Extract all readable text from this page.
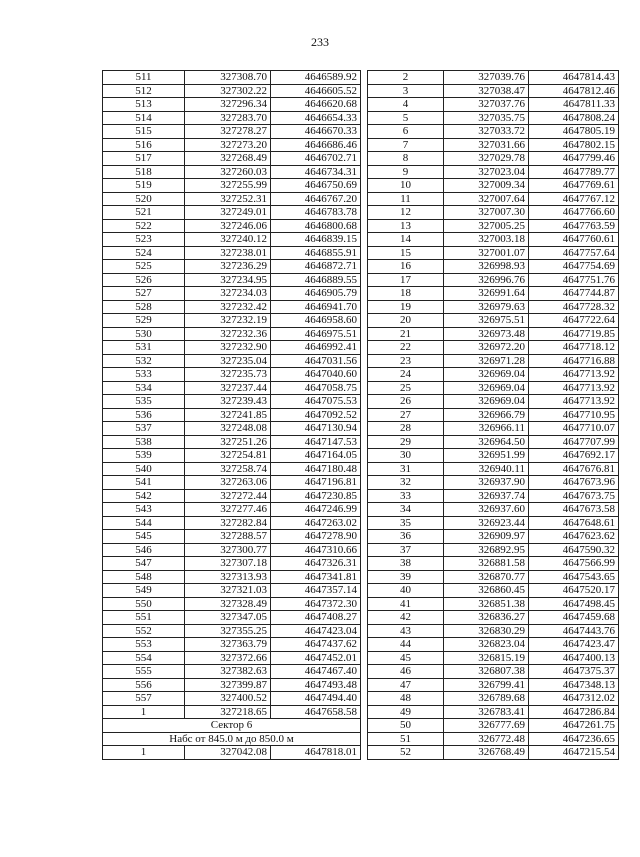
233
511	327308.70	4646589.92
512	327302.22	4646605.52
513	327296.34	4646620.68
514	327283.70	4646654.33
515	327278.27	4646670.33
516	327273.20	4646686.46
517	327268.49	4646702.71
518	327260.03	4646734.31
519	327255.99	4646750.69
520	327252.31	4646767.20
521	327249.01	4646783.78
522	327246.06	4646800.68
523	327240.12	4646839.15
524	327238.01	4646855.91
525	327236.29	4646872.71
526	327234.95	4646889.55
527	327234.03	4646905.79
528	327232.42	4646941.70
529	327232.19	4646958.60
530	327232.36	4646975.51
531	327232.90	4646992.41
532	327235.04	4647031.56
533	327235.73	4647040.60
534	327237.44	4647058.75
535	327239.43	4647075.53
536	327241.85	4647092.52
537	327248.08	4647130.94
538	327251.26	4647147.53
539	327254.81	4647164.05
540	327258.74	4647180.48
541	327263.06	4647196.81
542	327272.44	4647230.85
543	327277.46	4647246.99
544	327282.84	4647263.02
545	327288.57	4647278.90
546	327300.77	4647310.66
547	327307.18	4647326.31
548	327313.93	4647341.81
549	327321.03	4647357.14
550	327328.49	4647372.30
551	327347.05	4647408.27
552	327355.25	4647423.04
553	327363.79	4647437.62
554	327372.66	4647452.01
555	327382.63	4647467.40
556	327399.87	4647493.48
557	327400.52	4647494.40
1	327218.65	4647658.58
Сектор 6		
Набс от 845.0 м до 850.0 м		
1	327042.08	4647818.01
2	327039.76	4647814.43
3	327038.47	4647812.46
4	327037.76	4647811.33
5	327035.75	4647808.24
6	327033.72	4647805.19
7	327031.66	4647802.15
8	327029.78	4647799.46
9	327023.04	4647789.77
10	327009.34	4647769.61
11	327007.64	4647767.12
12	327007.30	4647766.60
13	327005.25	4647763.59
14	327003.18	4647760.61
15	327001.07	4647757.64
16	326998.93	4647754.69
17	326996.76	4647751.76
18	326991.64	4647744.87
19	326979.63	4647728.32
20	326975.51	4647722.64
21	326973.48	4647719.85
22	326972.20	4647718.12
23	326971.28	4647716.88
24	326969.04	4647713.92
25	326969.04	4647713.92
26	326969.04	4647713.92
27	326966.79	4647710.95
28	326966.11	4647710.07
29	326964.50	4647707.99
30	326951.99	4647692.17
31	326940.11	4647676.81
32	326937.90	4647673.96
33	326937.74	4647673.75
34	326937.60	4647673.58
35	326923.44	4647648.61
36	326909.97	4647623.62
37	326892.95	4647590.32
38	326881.58	4647566.99
39	326870.77	4647543.65
40	326860.45	4647520.17
41	326851.38	4647498.45
42	326836.27	4647459.68
43	326830.29	4647443.76
44	326823.04	4647423.47
45	326815.19	4647400.13
46	326807.38	4647375.37
47	326799.41	4647348.13
48	326789.68	4647312.02
49	326783.41	4647286.84
50	326777.69	4647261.75
51	326772.48	4647236.65
52	326768.49	4647215.54
